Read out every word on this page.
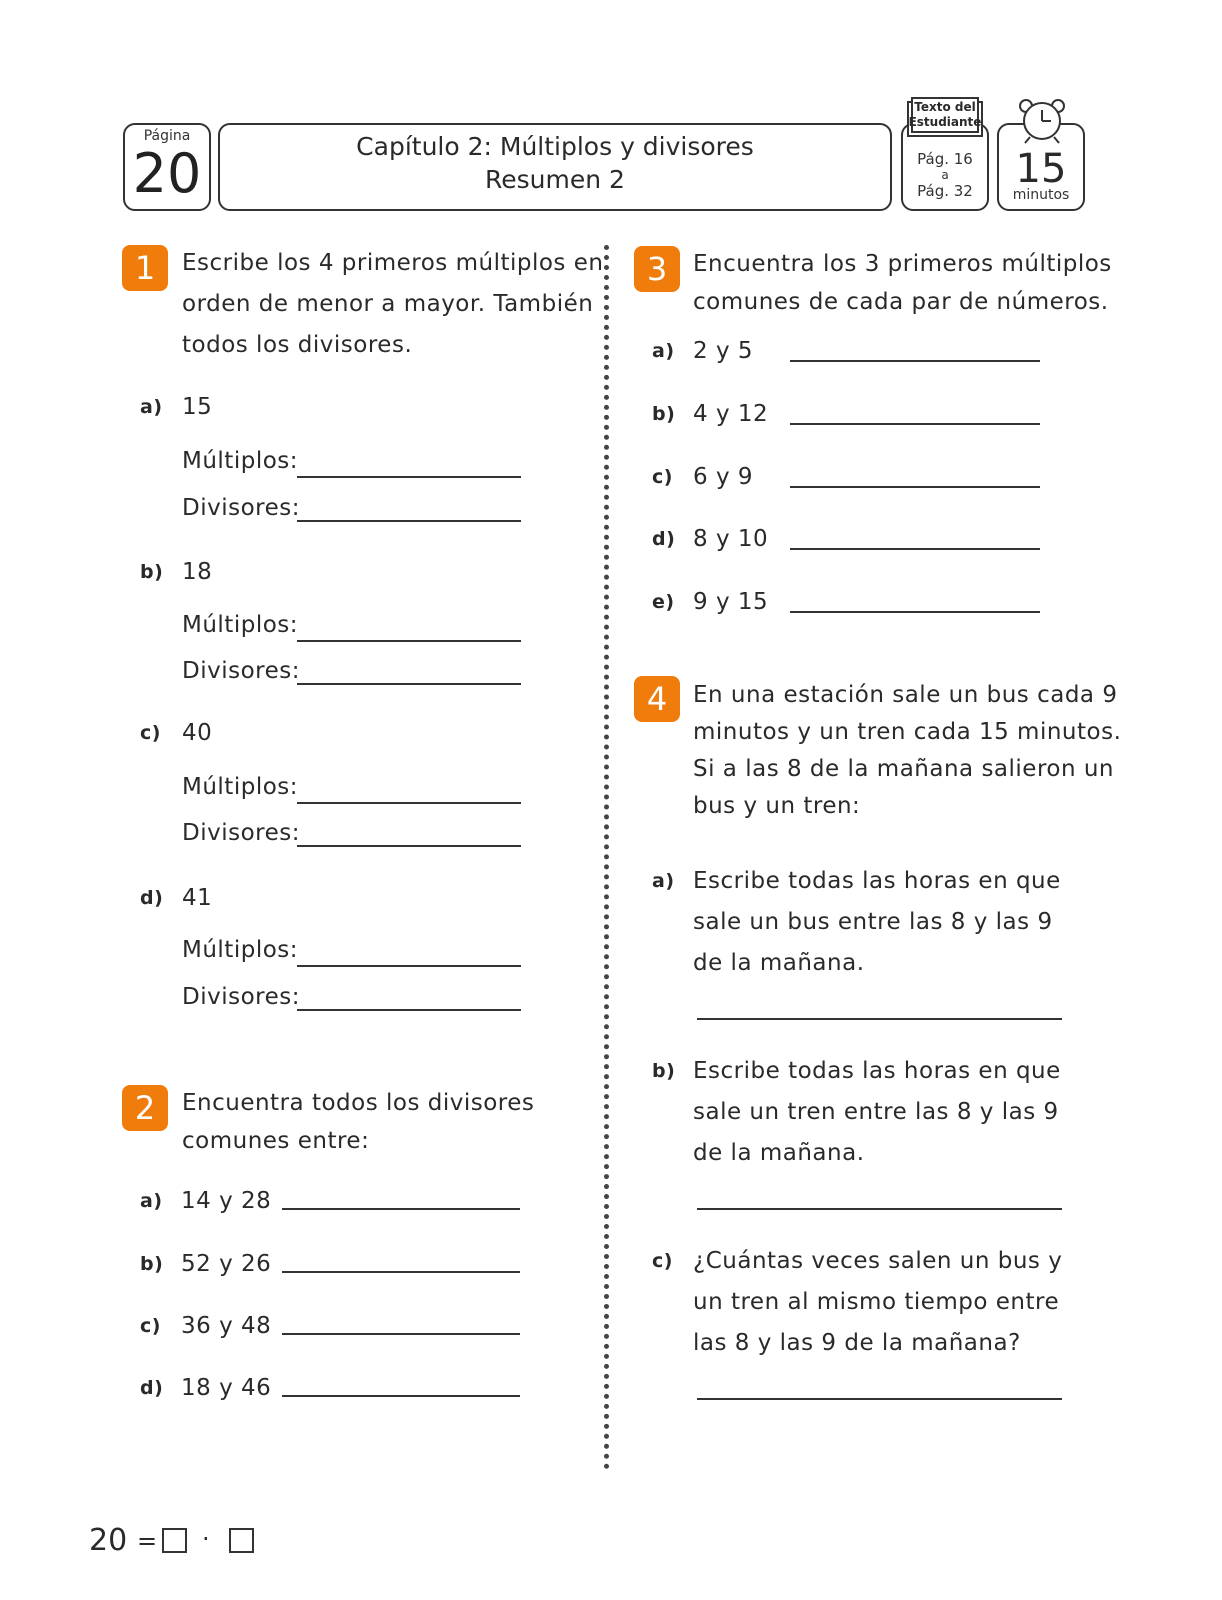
Página
20	Capítulo 2: Múltiplos y divisores
Resumen 2
Texto del
Estudiante
Pág. 16
a
Pág. 32	15
minutos
1	Escribe los 4 primeros múltiplos en
orden de menor a mayor. También
todos los divisores.
a) 15
Múltiplos:
Divisores:
b) 18
Múltiplos:
Divisores:
c) 40
Múltiplos:
Divisores:
d) 41
Múltiplos:
Divisores:
2	Encuentra todos los divisores
comunes entre:
a) 14 y 28
b) 52 y 26
c) 36 y 48
d) 18 y 46
3	Encuentra los 3 primeros múltiplos
comunes de cada par de números.
a) 2 y 5
b) 4 y 12
c) 6 y 9
d) 8 y 10
e) 9 y 15
4	En una estación sale un bus cada 9
minutos y un tren cada 15 minutos.
Si a las 8 de la mañana salieron un
bus y un tren:
a) Escribe todas las horas en que
sale un bus entre las 8 y las 9
de la mañana.
b) Escribe todas las horas en que
sale un tren entre las 8 y las 9
de la mañana.
c) ¿Cuántas veces salen un bus y
un tren al mismo tiempo entre
las 8 y las 9 de la mañana?
20 = ·
